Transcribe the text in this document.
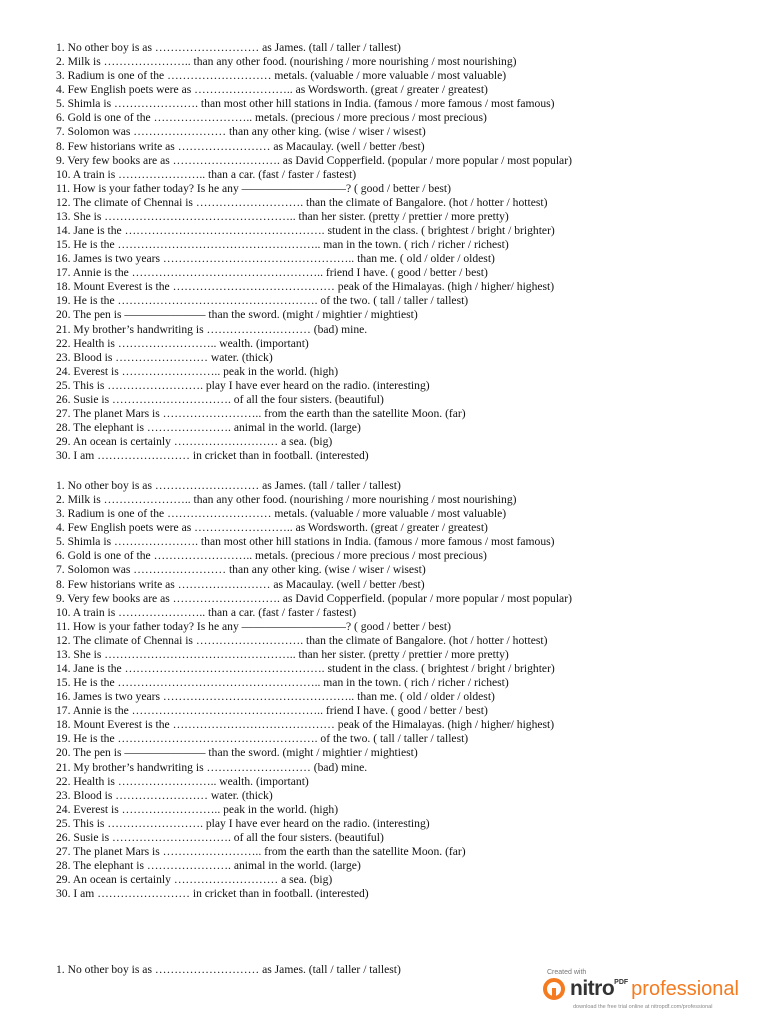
1. No other boy is as ……………………… as James. (tall / taller / tallest)
2. Milk is ………………….. than any other food. (nourishing / more nourishing / most nourishing)
3. Radium is one of the ……………………… metals. (valuable / more valuable / most valuable)
4. Few English poets were as …………………….. as Wordsworth. (great / greater / greatest)
5. Shimla is …………………. than most other hill stations in India. (famous / more famous / most famous)
6. Gold is one of the …………………….. metals. (precious / more precious / most precious)
7. Solomon was …………………… than any other king. (wise / wiser / wisest)
8. Few historians write as …………………… as Macaulay. (well / better /best)
9. Very few books are as ………………………. as David Copperfield. (popular / more popular / most popular)
10. A train is ………………….. than a car. (fast / faster / fastest)
11. How is your father today? Is he any —————————? ( good / better / best)
12. The climate of Chennai is ………………………. than the climate of Bangalore. (hot / hotter / hottest)
13. She is ………………………………………….. than her sister. (pretty / prettier / more pretty)
14. Jane is the ……………………………………………. student in the class. ( brightest / bright / brighter)
15. He is the …………………………………………….. man in the town. ( rich / richer / richest)
16. James is two years ………………………………………….. than me. ( old / older / oldest)
17. Annie is the ………………………………………….. friend I have. ( good / better / best)
18. Mount Everest is the …………………………………… peak of the Himalayas. (high / higher/ highest)
19. He is the ……………………………………………. of the two. ( tall / taller / tallest)
20. The pen is ——————— than the sword. (might / mightier / mightiest)
21. My brother’s handwriting is ……………………… (bad) mine.
22. Health is …………………….. wealth. (important)
23. Blood is …………………… water. (thick)
24. Everest is …………………….. peak in the world. (high)
25. This is ……………………. play I have ever heard on the radio. (interesting)
26. Susie is …………………………. of all the four sisters. (beautiful)
27. The planet Mars is …………………….. from the earth than the satellite Moon. (far)
28. The elephant is …………………. animal in the world. (large)
29. An ocean is certainly ……………………… a sea. (big)
30. I am …………………… in cricket than in football. (interested)
1. No other boy is as ……………………… as James. (tall / taller / tallest)
2. Milk is ………………….. than any other food. (nourishing / more nourishing / most nourishing)
3. Radium is one of the ……………………… metals. (valuable / more valuable / most valuable)
4. Few English poets were as …………………….. as Wordsworth. (great / greater / greatest)
5. Shimla is …………………. than most other hill stations in India. (famous / more famous / most famous)
6. Gold is one of the …………………….. metals. (precious / more precious / most precious)
7. Solomon was …………………… than any other king. (wise / wiser / wisest)
8. Few historians write as …………………… as Macaulay. (well / better /best)
9. Very few books are as ………………………. as David Copperfield. (popular / more popular / most popular)
10. A train is ………………….. than a car. (fast / faster / fastest)
11. How is your father today? Is he any —————————? ( good / better / best)
12. The climate of Chennai is ………………………. than the climate of Bangalore. (hot / hotter / hottest)
13. She is ………………………………………….. than her sister. (pretty / prettier / more pretty)
14. Jane is the ……………………………………………. student in the class. ( brightest / bright / brighter)
15. He is the …………………………………………….. man in the town. ( rich / richer / richest)
16. James is two years ………………………………………….. than me. ( old / older / oldest)
17. Annie is the ………………………………………….. friend I have. ( good / better / best)
18. Mount Everest is the …………………………………… peak of the Himalayas. (high / higher/ highest)
19. He is the ……………………………………………. of the two. ( tall / taller / tallest)
20. The pen is ——————— than the sword. (might / mightier / mightiest)
21. My brother’s handwriting is ……………………… (bad) mine.
22. Health is …………………….. wealth. (important)
23. Blood is …………………… water. (thick)
24. Everest is …………………….. peak in the world. (high)
25. This is ……………………. play I have ever heard on the radio. (interesting)
26. Susie is …………………………. of all the four sisters. (beautiful)
27. The planet Mars is …………………….. from the earth than the satellite Moon. (far)
28. The elephant is …………………. animal in the world. (large)
29. An ocean is certainly ……………………… a sea. (big)
30. I am …………………… in cricket than in football. (interested)
1. No other boy is as ……………………… as James. (tall / taller / tallest)	Created with
nitro PDF professional
download the free trial online at nitropdf.com/professional
